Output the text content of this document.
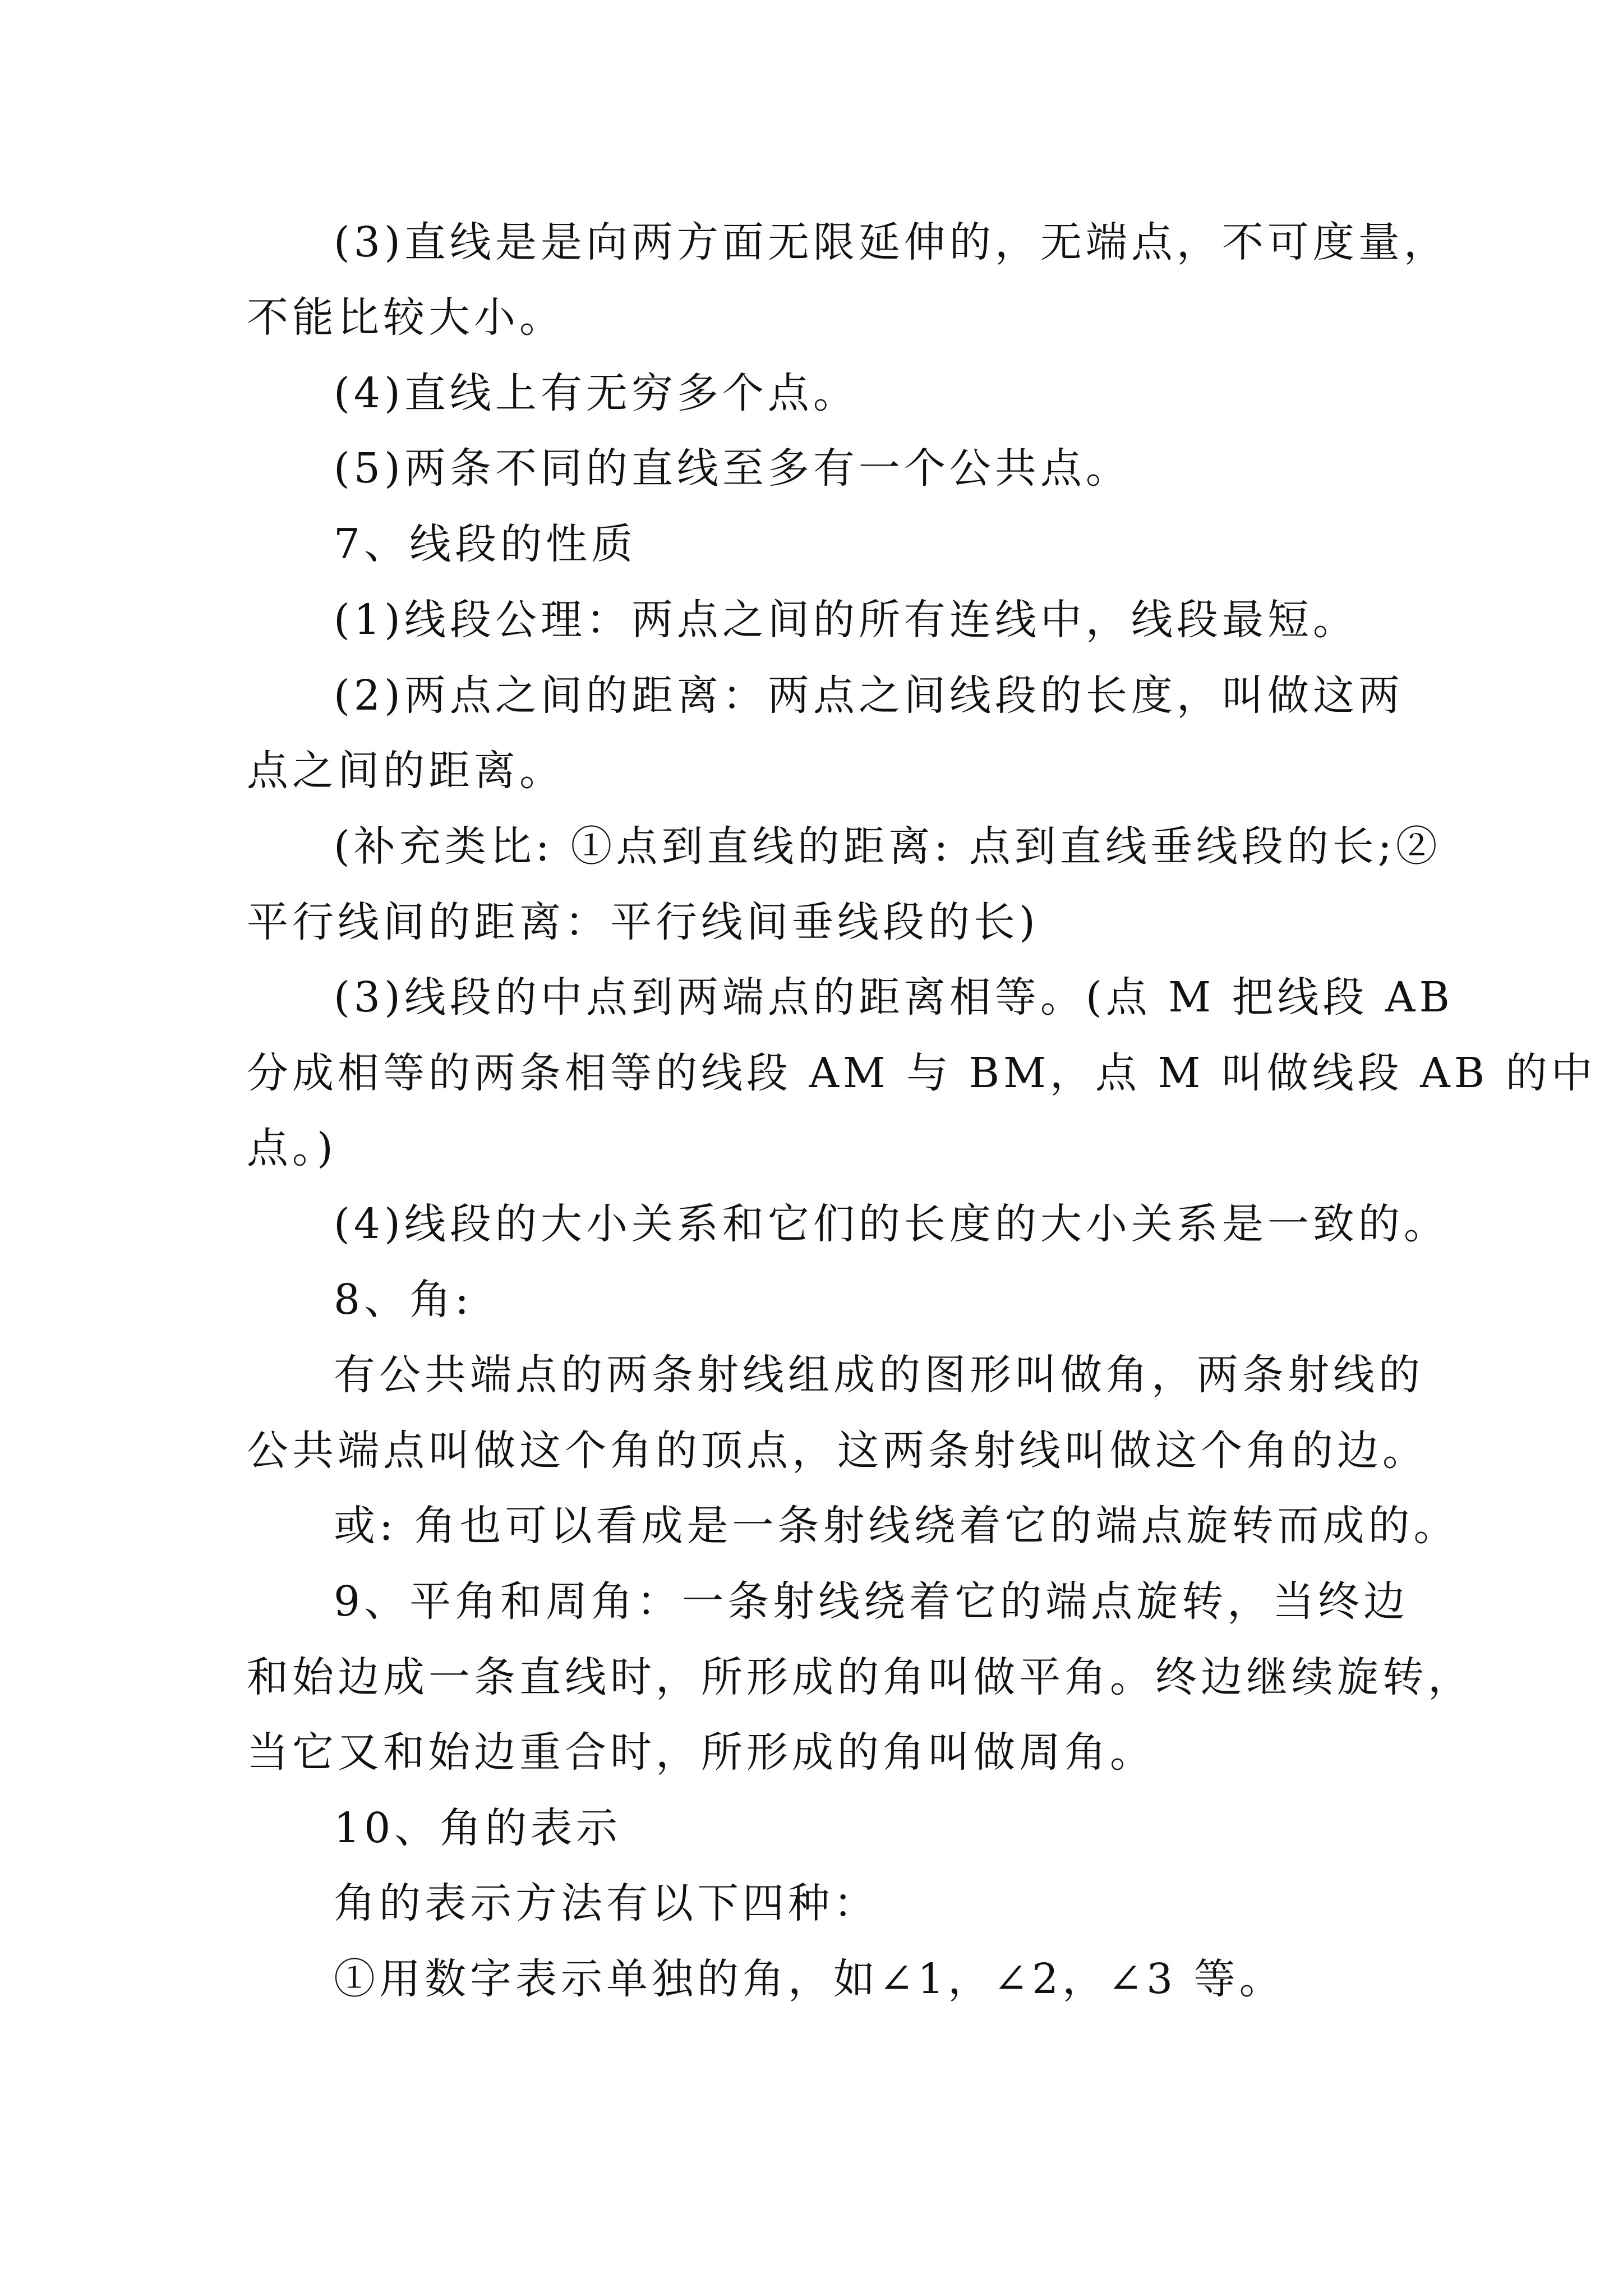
(3)直线是是向两方面无限延伸的，无端点，不可度量，
不能比较大小。
(4)直线上有无穷多个点。
(5)两条不同的直线至多有一个公共点。
7、线段的性质
(1)线段公理：两点之间的所有连线中，线段最短。
(2)两点之间的距离：两点之间线段的长度，叫做这两
点之间的距离。
(补充类比: ①点到直线的距离: 点到直线垂线段的长;②
平行线间的距离：平行线间垂线段的长)
(3)线段的中点到两端点的距离相等。(点 M 把线段 AB
分成相等的两条相等的线段 AM 与 BM，点 M 叫做线段 AB 的中
点。)
(4)线段的大小关系和它们的长度的大小关系是一致的。
8、角:
有公共端点的两条射线组成的图形叫做角，两条射线的
公共端点叫做这个角的顶点，这两条射线叫做这个角的边。
或: 角也可以看成是一条射线绕着它的端点旋转而成的。
9、平角和周角：一条射线绕着它的端点旋转，当终边
和始边成一条直线时，所形成的角叫做平角。终边继续旋转，
当它又和始边重合时，所形成的角叫做周角。
10、角的表示
角的表示方法有以下四种：
①用数字表示单独的角，如∠1，∠2，∠3 等。
